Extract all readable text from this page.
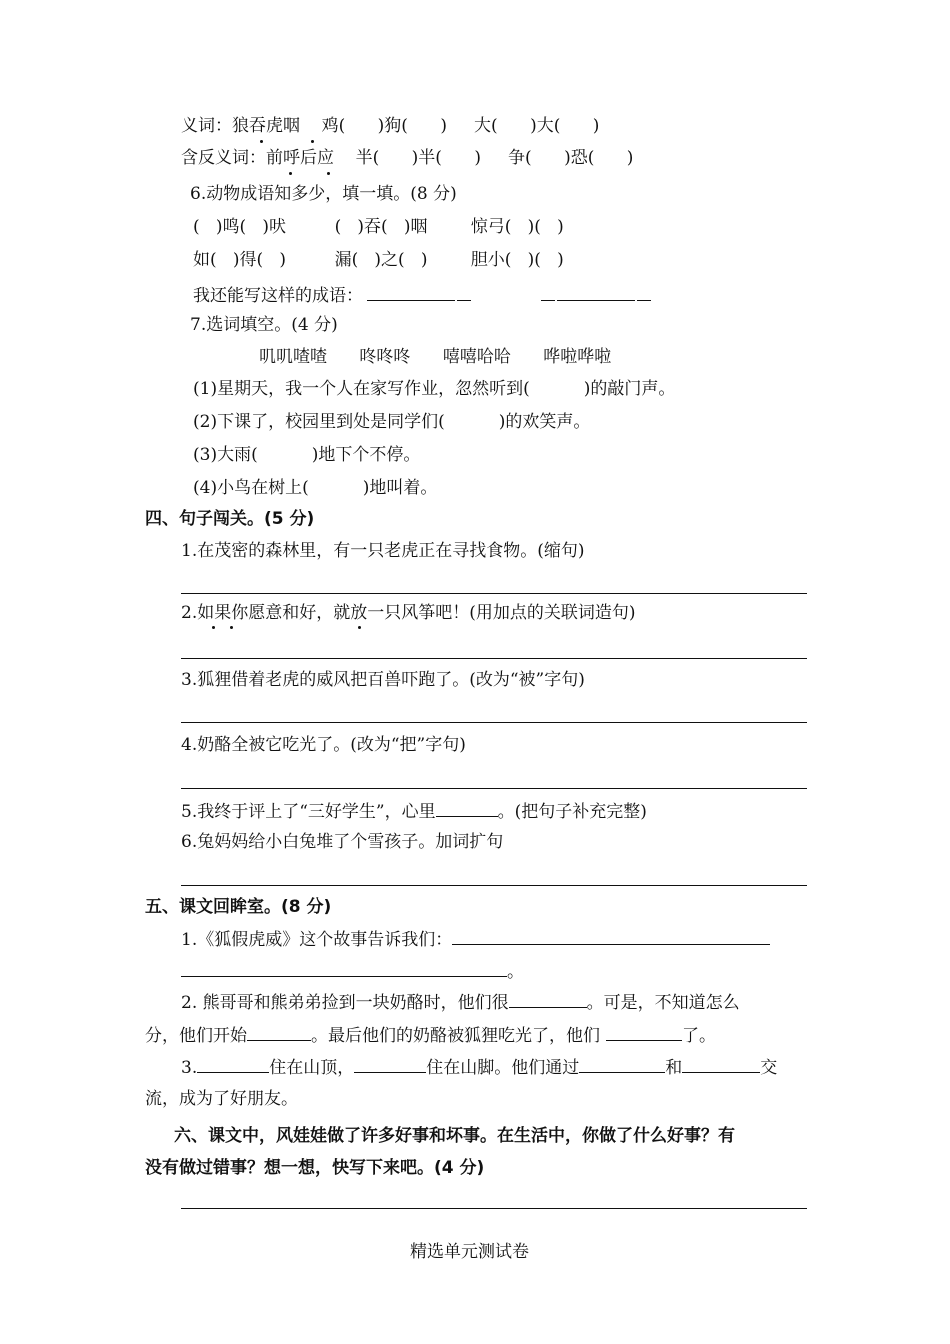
义词：狼吞虎咽    鸡(      )狗(      )     大(      )大(      )
含反义词：前呼后应    半(      )半(      )     争(      )恐(      )
6.动物成语知多少，填一填。(8 分)
(   )鸣(   )吠         (   )吞(   )咽        惊弓(   )(   )
如(   )得(   )         漏(   )之(   )        胆小(   )(   )
我还能写这样的成语：
7.选词填空。(4 分)
叽叽喳喳      咚咚咚      嘻嘻哈哈      哗啦哗啦
(1)星期天，我一个人在家写作业，忽然听到(          )的敲门声。
(2)下课了，校园里到处是同学们(          )的欢笑声。
(3)大雨(          )地下个不停。
(4)小鸟在树上(          )地叫着。
四、句子闯关。(5 分)
1.在茂密的森林里，有一只老虎正在寻找食物。(缩句)
2.如果你愿意和好，就放一只风筝吧！(用加点的关联词造句)
3.狐狸借着老虎的威风把百兽吓跑了。(改为“被”字句)
4.奶酪全被它吃光了。(改为“把”字句)
5.我终于评上了“三好学生”，心里	。(把句子补充完整)
6.兔妈妈给小白兔堆了个雪孩子。加词扩句
五、课文回眸室。(8 分)
1.《狐假虎威》这个故事告诉我们：
。
2. 熊哥哥和熊弟弟捡到一块奶酪时，他们很	。可是，不知道怎么
分，他们开始	。最后他们的奶酪被狐狸吃光了，他们	了。
3.	住在山顶，	住在山脚。他们通过	和	交
流，成为了好朋友。
六、课文中，风娃娃做了许多好事和坏事。在生活中，你做了什么好事？有
没有做过错事？想一想，快写下来吧。(4 分)
精选单元测试卷
